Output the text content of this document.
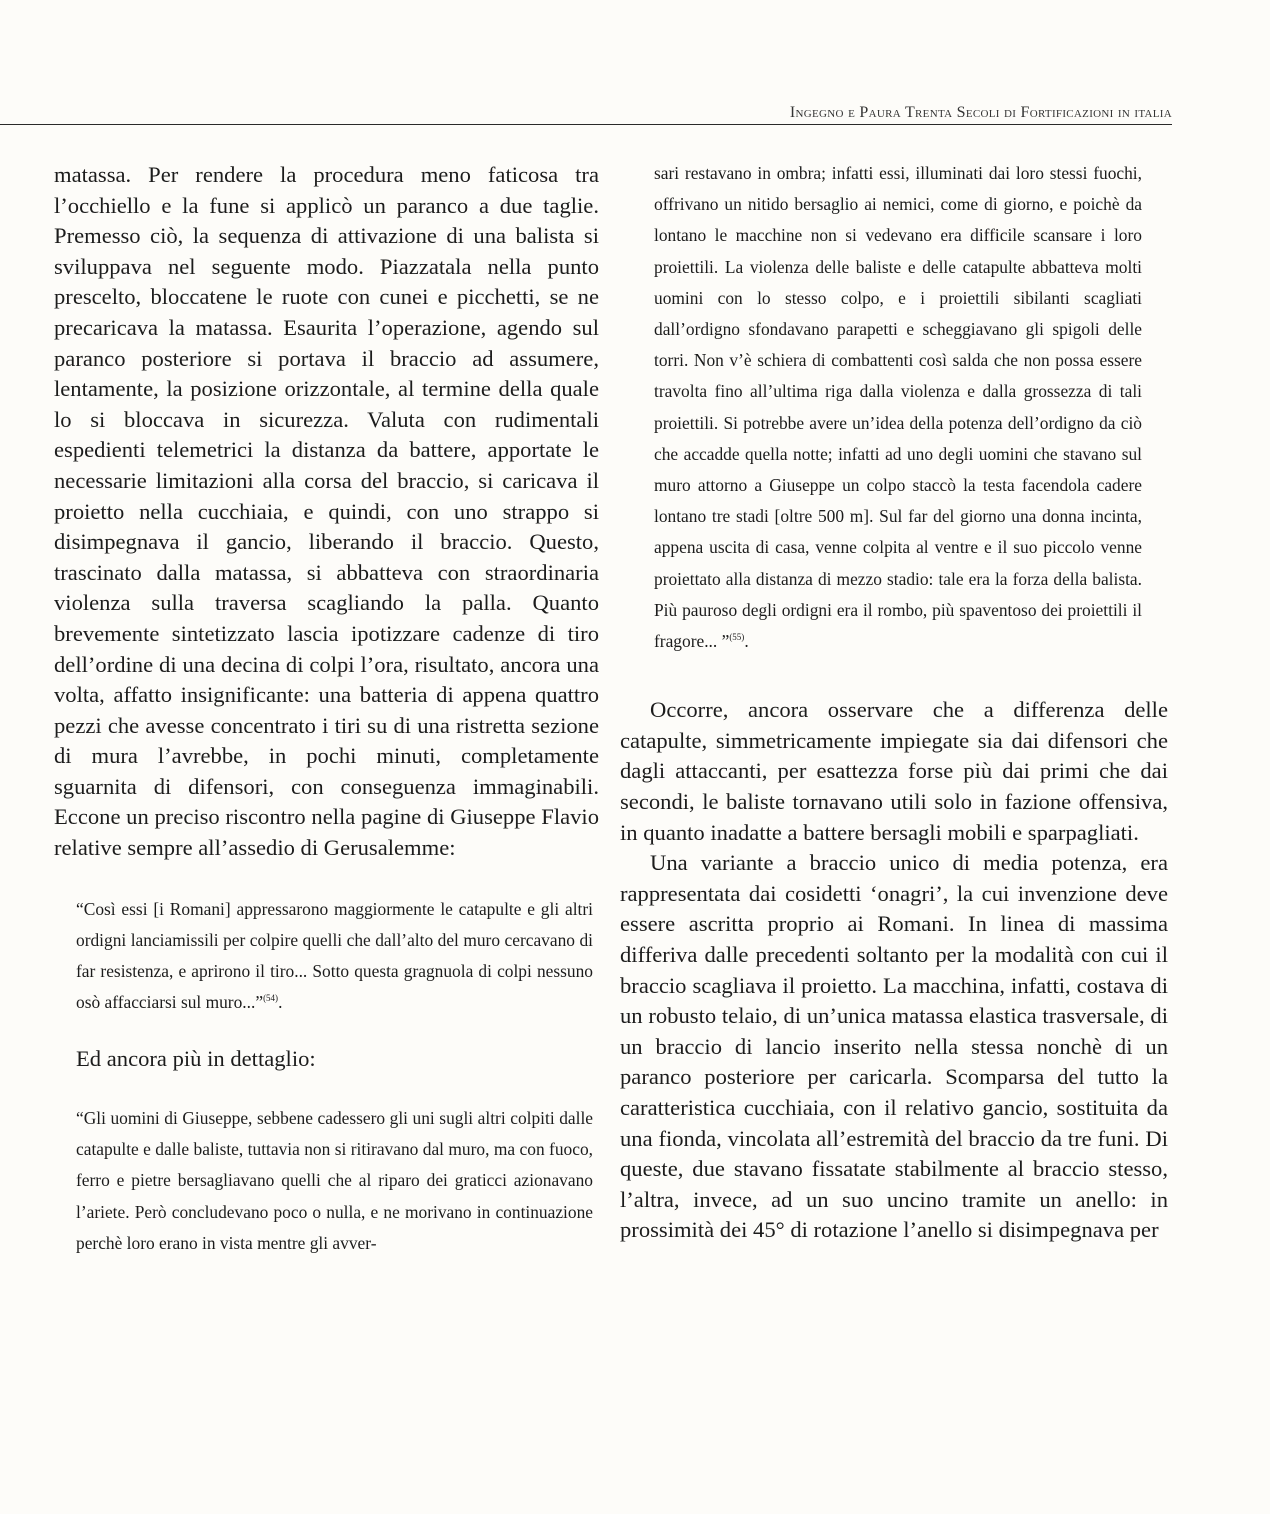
Ingegno e Paura Trenta Secoli di Fortificazioni in italia

matassa. Per rendere la procedura meno faticosa tra l’occhiello e la fune si applicò un paranco a due taglie. Premesso ciò, la sequenza di attivazione di una balista si sviluppava nel seguente modo. Piazzatala nella punto prescelto, bloccatene le ruote con cunei e picchetti, se ne precaricava la matassa. Esaurita l’operazione, agendo sul paranco posteriore si portava il braccio ad assumere, lentamente, la posizione orizzontale, al termine della quale lo si bloccava in sicurezza. Valuta con rudimentali espedienti telemetrici la distanza da battere, apportate le necessarie limitazioni alla corsa del braccio, si caricava il proietto nella cucchiaia, e quindi, con uno strappo si disimpegnava il gancio, liberando il braccio. Questo, trascinato dalla matassa, si abbatteva con straordinaria violenza sulla traversa scagliando la palla. Quanto brevemente sintetizzato lascia ipotizzare cadenze di tiro dell’ordine di una decina di colpi l’ora, risultato, ancora una volta, affatto insignificante: una batteria di appena quattro pezzi che avesse concentrato i tiri su di una ristretta sezione di mura l’avrebbe, in pochi minuti, completamente sguarnita di difensori, con conseguenza immaginabili. Eccone un preciso riscontro nella pagine di Giuseppe Flavio relative sempre all’assedio di Gerusalemme:

“Così essi [i Romani] appressarono maggiormente le catapulte e gli altri ordigni lanciamissili per colpire quelli che dall’alto del muro cercavano di far resistenza, e aprirono il tiro... Sotto questa gragnuola di colpi nessuno osò affacciarsi sul muro...”$^{(54)}$.

Ed ancora più in dettaglio:

“Gli uomini di Giuseppe, sebbene cadessero gli uni sugli altri colpiti dalle catapulte e dalle baliste, tuttavia non si ritiravano dal muro, ma con fuoco, ferro e pietre bersagliavano quelli che al riparo dei graticci azionavano l’ariete. Però concludevano poco o nulla, e ne morivano in continuazione perchè loro erano in vista mentre gli avver-

sari restavano in ombra; infatti essi, illuminati dai loro stessi fuochi, offrivano un nitido bersaglio ai nemici, come di giorno, e poichè da lontano le macchine non si vedevano era difficile scansare i loro proiettili. La violenza delle baliste e delle catapulte abbatteva molti uomini con lo stesso colpo, e i proiettili sibilanti scagliati dall’ordigno sfondavano parapetti e scheggiavano gli spigoli delle torri. Non v’è schiera di combattenti così salda che non possa essere travolta fino all’ultima riga dalla violenza e dalla grossezza di tali proiettili. Si potrebbe avere un’idea della potenza dell’ordigno da ciò che accadde quella notte; infatti ad uno degli uomini che stavano sul muro attorno a Giuseppe un colpo staccò la testa facendola cadere lontano tre stadi [oltre 500 m]. Sul far del giorno una donna incinta, appena uscita di casa, venne colpita al ventre e il suo piccolo venne proiettato alla distanza di mezzo stadio: tale era la forza della balista. Più pauroso degli ordigni era il rombo, più spaventoso dei proiettili il fragore... ”$^{(55)}$.

Occorre, ancora osservare che a differenza delle catapulte, simmetricamente impiegate sia dai difensori che dagli attaccanti, per esattezza forse più dai primi che dai secondi, le baliste tornavano utili solo in fazione offensiva, in quanto inadatte a battere bersagli mobili e sparpagliati.

Una variante a braccio unico di media potenza, era rappresentata dai cosidetti ‘onagri’, la cui invenzione deve essere ascritta proprio ai Romani. In linea di massima differiva dalle precedenti soltanto per la modalità con cui il braccio scagliava il proietto. La macchina, infatti, costava di un robusto telaio, di un’unica matassa elastica trasversale, di un braccio di lancio inserito nella stessa nonchè di un paranco posteriore per caricarla. Scomparsa del tutto la caratteristica cucchiaia, con il relativo gancio, sostituita da una fionda, vincolata all’estremità del braccio da tre funi. Di queste, due stavano fissatate stabilmente al braccio stesso, l’altra, invece, ad un suo uncino tramite un anello: in prossimità dei 45° di rotazione l’anello si disimpegnava per
